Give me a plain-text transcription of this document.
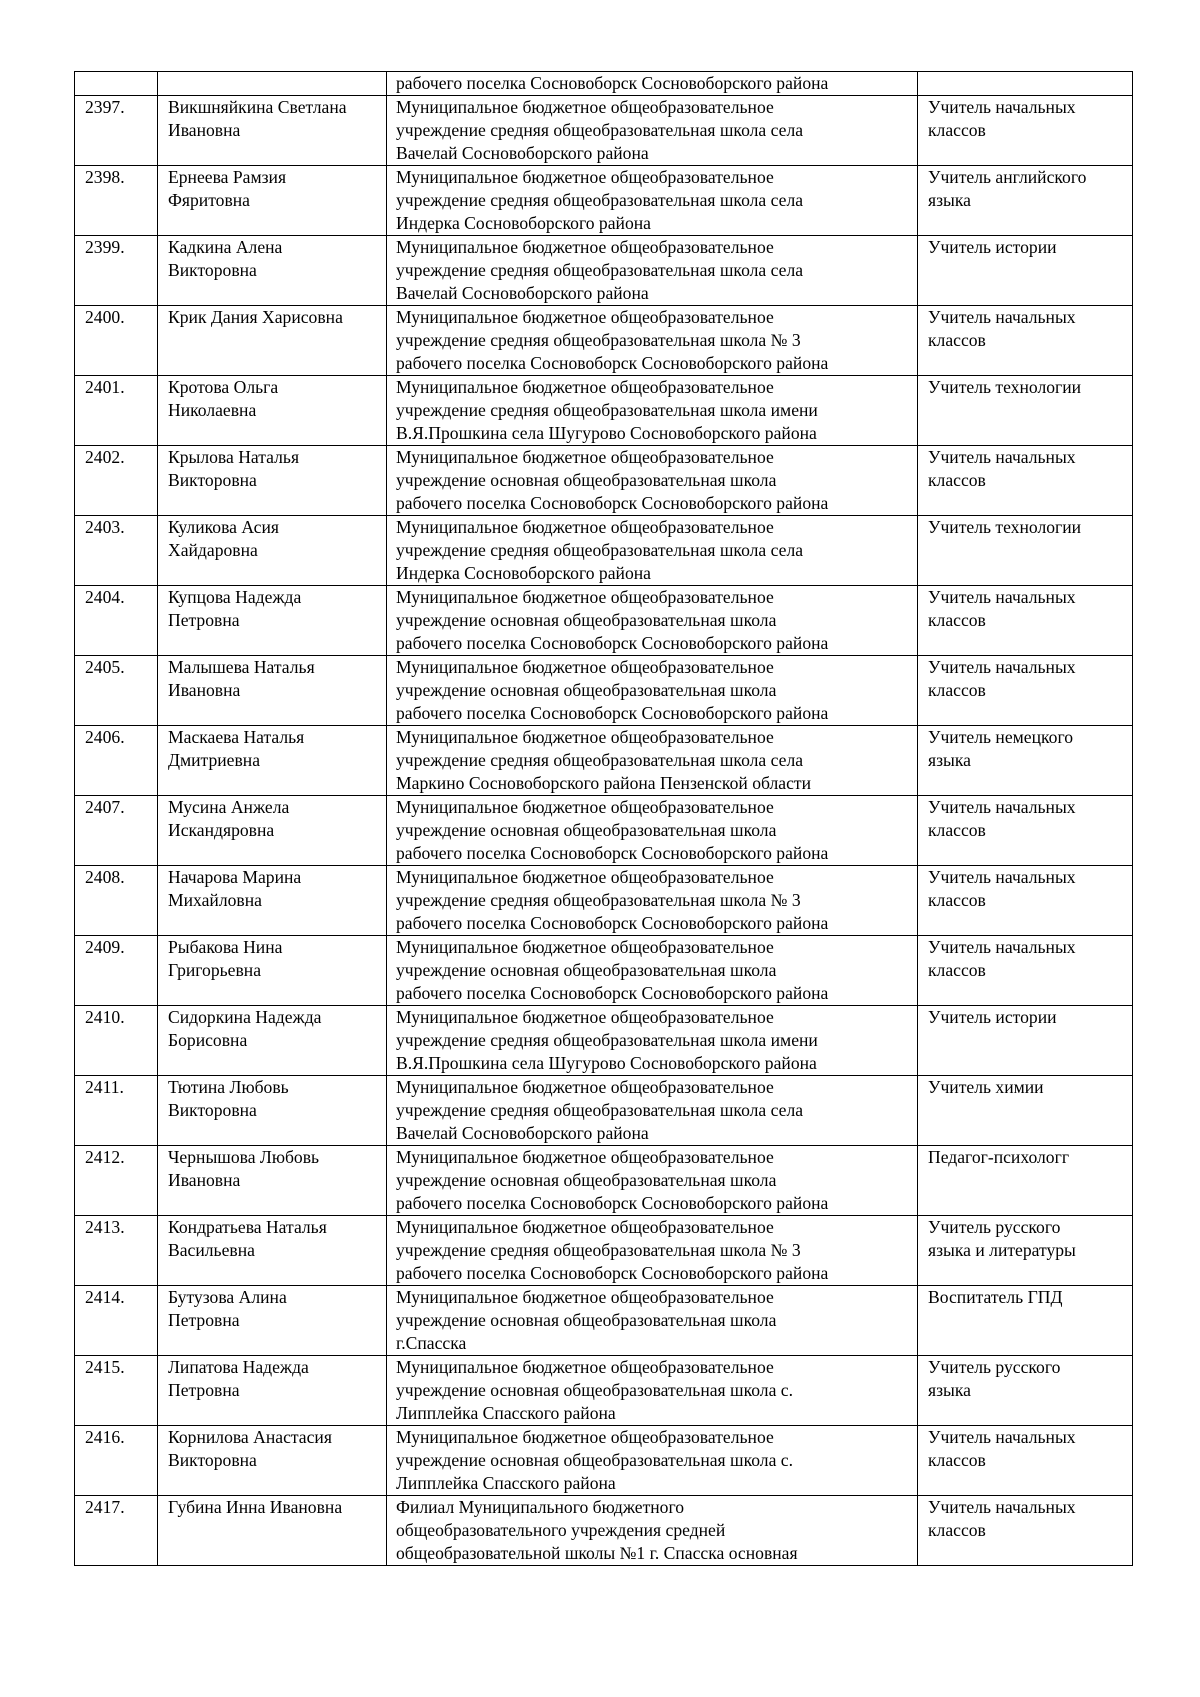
		рабочего поселка Сосновоборск Сосновоборского района	
2397.	Викшняйкина Светлана
Ивановна	Муниципальное бюджетное общеобразовательное
учреждение средняя общеобразовательная школа села
Вачелай Сосновоборского района	Учитель начальных
классов
2398.	Ернеева Рамзия
Фяритовна	Муниципальное бюджетное общеобразовательное
учреждение средняя общеобразовательная школа села
Индерка Сосновоборского района	Учитель английского
языка
2399.	Кадкина Алена
Викторовна	Муниципальное бюджетное общеобразовательное
учреждение средняя общеобразовательная школа села
Вачелай Сосновоборского района	Учитель истории
2400.	Крик Дания Харисовна	Муниципальное бюджетное общеобразовательное
учреждение средняя общеобразовательная школа № 3
рабочего поселка Сосновоборск Сосновоборского района	Учитель начальных
классов
2401.	Кротова Ольга
Николаевна	Муниципальное бюджетное общеобразовательное
учреждение средняя общеобразовательная школа имени
В.Я.Прошкина села Шугурово Сосновоборского района	Учитель технологии
2402.	Крылова Наталья
Викторовна	Муниципальное бюджетное общеобразовательное
учреждение основная общеобразовательная школа
рабочего поселка Сосновоборск Сосновоборского района	Учитель начальных
классов
2403.	Куликова Асия
Хайдаровна	Муниципальное бюджетное общеобразовательное
учреждение средняя общеобразовательная школа села
Индерка Сосновоборского района	Учитель технологии
2404.	Купцова Надежда
Петровна	Муниципальное бюджетное общеобразовательное
учреждение основная общеобразовательная школа
рабочего поселка Сосновоборск Сосновоборского района	Учитель начальных
классов
2405.	Малышева Наталья
Ивановна	Муниципальное бюджетное общеобразовательное
учреждение основная общеобразовательная школа
рабочего поселка Сосновоборск Сосновоборского района	Учитель начальных
классов
2406.	Маскаева Наталья
Дмитриевна	Муниципальное бюджетное общеобразовательное
учреждение средняя общеобразовательная школа села
Маркино Сосновоборского района Пензенской области	Учитель немецкого
языка
2407.	Мусина Анжела
Искандяровна	Муниципальное бюджетное общеобразовательное
учреждение основная общеобразовательная школа
рабочего поселка Сосновоборск Сосновоборского района	Учитель начальных
классов
2408.	Начарова Марина
Михайловна	Муниципальное бюджетное общеобразовательное
учреждение средняя общеобразовательная школа № 3
рабочего поселка Сосновоборск Сосновоборского района	Учитель начальных
классов
2409.	Рыбакова Нина
Григорьевна	Муниципальное бюджетное общеобразовательное
учреждение основная общеобразовательная школа
рабочего поселка Сосновоборск Сосновоборского района	Учитель начальных
классов
2410.	Сидоркина Надежда
Борисовна	Муниципальное бюджетное общеобразовательное
учреждение средняя общеобразовательная школа имени
В.Я.Прошкина села Шугурово Сосновоборского района	Учитель истории
2411.	Тютина Любовь
Викторовна	Муниципальное бюджетное общеобразовательное
учреждение средняя общеобразовательная школа села
Вачелай Сосновоборского района	Учитель химии
2412.	Чернышова Любовь
Ивановна	Муниципальное бюджетное общеобразовательное
учреждение основная общеобразовательная школа
рабочего поселка Сосновоборск Сосновоборского района	Педагог-психологг
2413.	Кондратьева Наталья
Васильевна	Муниципальное бюджетное общеобразовательное
учреждение средняя общеобразовательная школа № 3
рабочего поселка Сосновоборск Сосновоборского района	Учитель русского
языка и литературы
2414.	Бутузова Алина
Петровна	Муниципальное бюджетное общеобразовательное
учреждение основная общеобразовательная школа
г.Спасска	Воспитатель ГПД
2415.	Липатова Надежда
Петровна	Муниципальное бюджетное общеобразовательное
учреждение основная общеобразовательная школа с.
Липплейка Спасского района	Учитель русского
языка
2416.	Корнилова Анастасия
Викторовна	Муниципальное бюджетное общеобразовательное
учреждение основная общеобразовательная школа с.
Липплейка Спасского района	Учитель начальных
классов
2417.	Губина Инна Ивановна	Филиал Муниципального бюджетного
общеобразовательного учреждения средней
общеобразовательной школы №1 г. Спасска основная	Учитель начальных
классов
